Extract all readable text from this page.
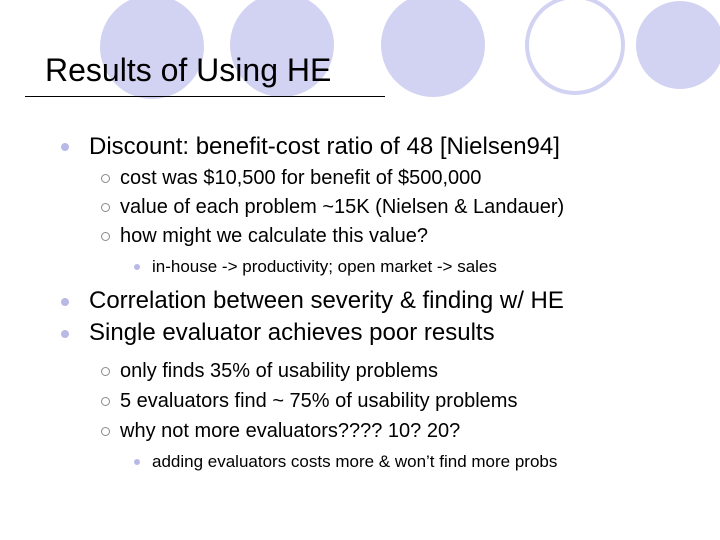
Results of Using HE
Discount: benefit-cost ratio of 48 [Nielsen94]
cost was $10,500 for benefit of $500,000
value of each problem ~15K (Nielsen & Landauer)
how might we calculate this value?
in-house -> productivity; open market -> sales
Correlation between severity & finding w/ HE
Single evaluator achieves poor results
only finds 35% of usability problems
5 evaluators find ~ 75% of usability problems
why not more evaluators???? 10? 20?
adding evaluators costs more & won’t find more probs
